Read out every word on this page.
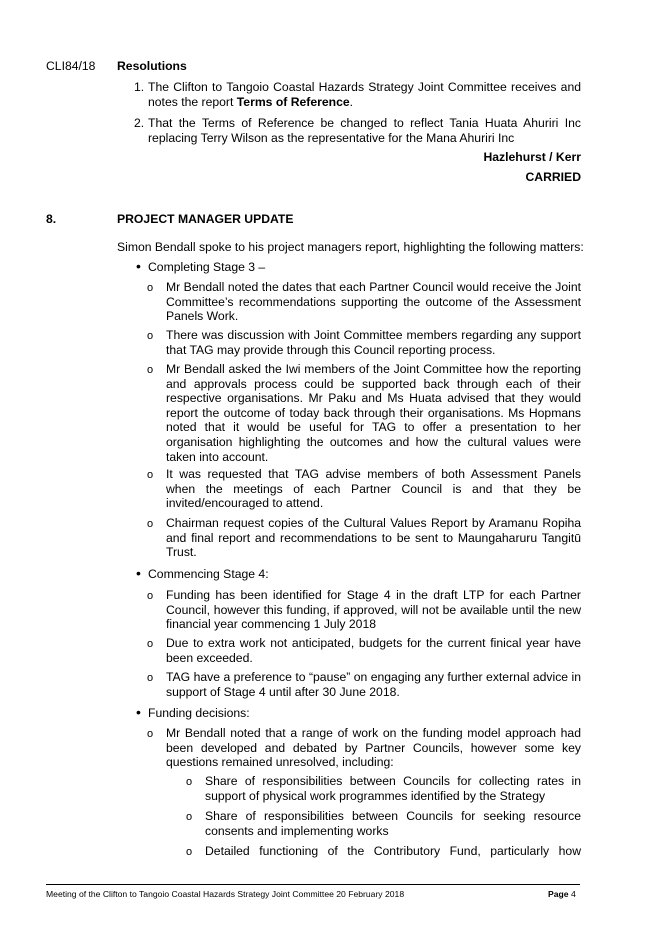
CLI84/18 Resolutions
1. The Clifton to Tangoio Coastal Hazards Strategy Joint Committee receives and notes the report Terms of Reference.
2. That the Terms of Reference be changed to reflect Tania Huata Ahuriri Inc replacing Terry Wilson as the representative for the Mana Ahuriri Inc
Hazlehurst / Kerr
CARRIED
8.	PROJECT MANAGER UPDATE
Simon Bendall spoke to his project managers report, highlighting the following matters:
• Completing Stage 3 –
o Mr Bendall noted the dates that each Partner Council would receive the Joint Committee’s recommendations supporting the outcome of the Assessment Panels Work.
o There was discussion with Joint Committee members regarding any support that TAG may provide through this Council reporting process.
o Mr Bendall asked the Iwi members of the Joint Committee how the reporting and approvals process could be supported back through each of their respective organisations. Mr Paku and Ms Huata advised that they would report the outcome of today back through their organisations. Ms Hopmans noted that it would be useful for TAG to offer a presentation to her organisation highlighting the outcomes and how the cultural values were taken into account.
o It was requested that TAG advise members of both Assessment Panels when the meetings of each Partner Council is and that they be invited/encouraged to attend.
o Chairman request copies of the Cultural Values Report by Aramanu Ropiha and final report and recommendations to be sent to Maungaharuru Tangitū Trust.
• Commencing Stage 4:
o Funding has been identified for Stage 4 in the draft LTP for each Partner Council, however this funding, if approved, will not be available until the new financial year commencing 1 July 2018
o Due to extra work not anticipated, budgets for the current finical year have been exceeded.
o TAG have a preference to “pause” on engaging any further external advice in support of Stage 4 until after 30 June 2018.
• Funding decisions:
o Mr Bendall noted that a range of work on the funding model approach had been developed and debated by Partner Councils, however some key questions remained unresolved, including:
o Share of responsibilities between Councils for collecting rates in support of physical work programmes identified by the Strategy
o Share of responsibilities between Councils for seeking resource consents and implementing works
o Detailed functioning of the Contributory Fund, particularly how
Meeting of the Clifton to Tangoio Coastal Hazards Strategy Joint Committee 20 February 2018	Page 4
